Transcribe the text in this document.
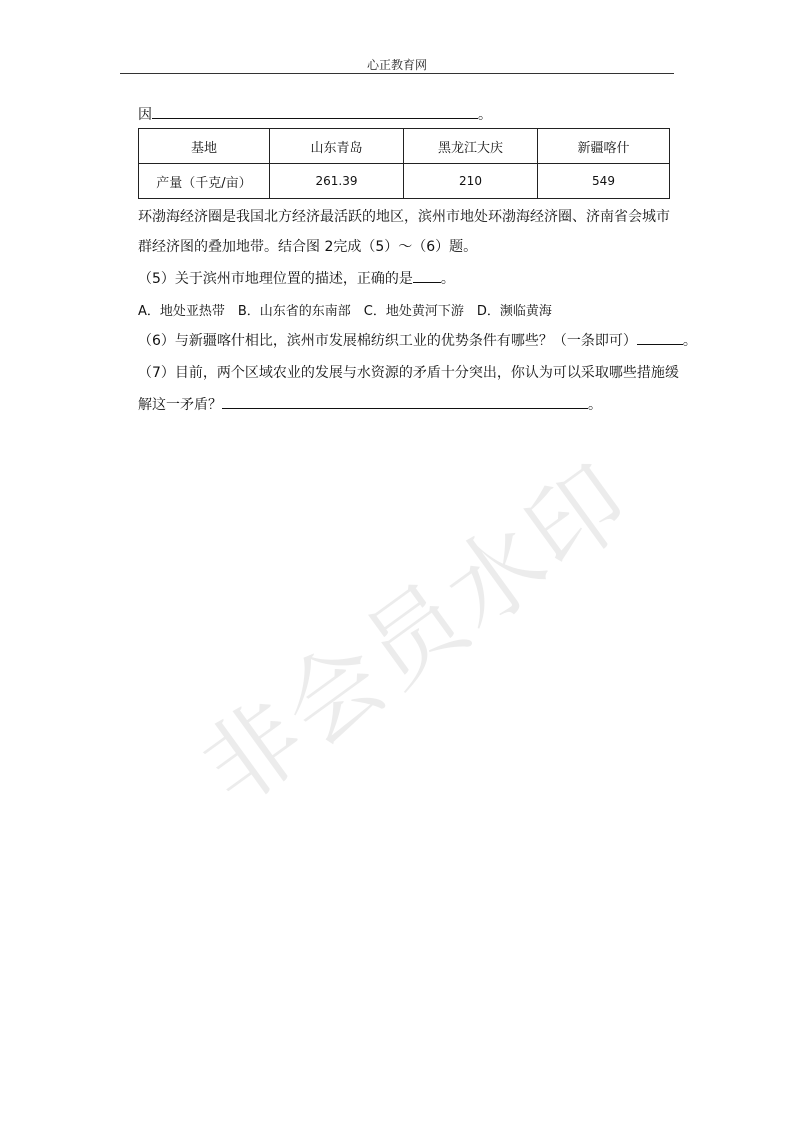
心正教育网
因	。
基地	山东青岛	黑龙江大庆	新疆喀什
产量（千克/亩）	261.39	210	549
环渤海经济圈是我国北方经济最活跃的地区，滨州市地处环渤海经济圈、济南省会城市
群经济图的叠加地带。结合图 2完成（5）～（6）题。
（5）关于滨州市地理位置的描述，正确的是 。
A．地处亚热带　B．山东省的东南部　C．地处黄河下游　D．濒临黄海
（6）与新疆喀什相比，滨州市发展棉纺织工业的优势条件有哪些？（一条即可）	。
（7）目前，两个区域农业的发展与水资源的矛盾十分突出，你认为可以采取哪些措施缓
解这一矛盾？	。
非会员水印
